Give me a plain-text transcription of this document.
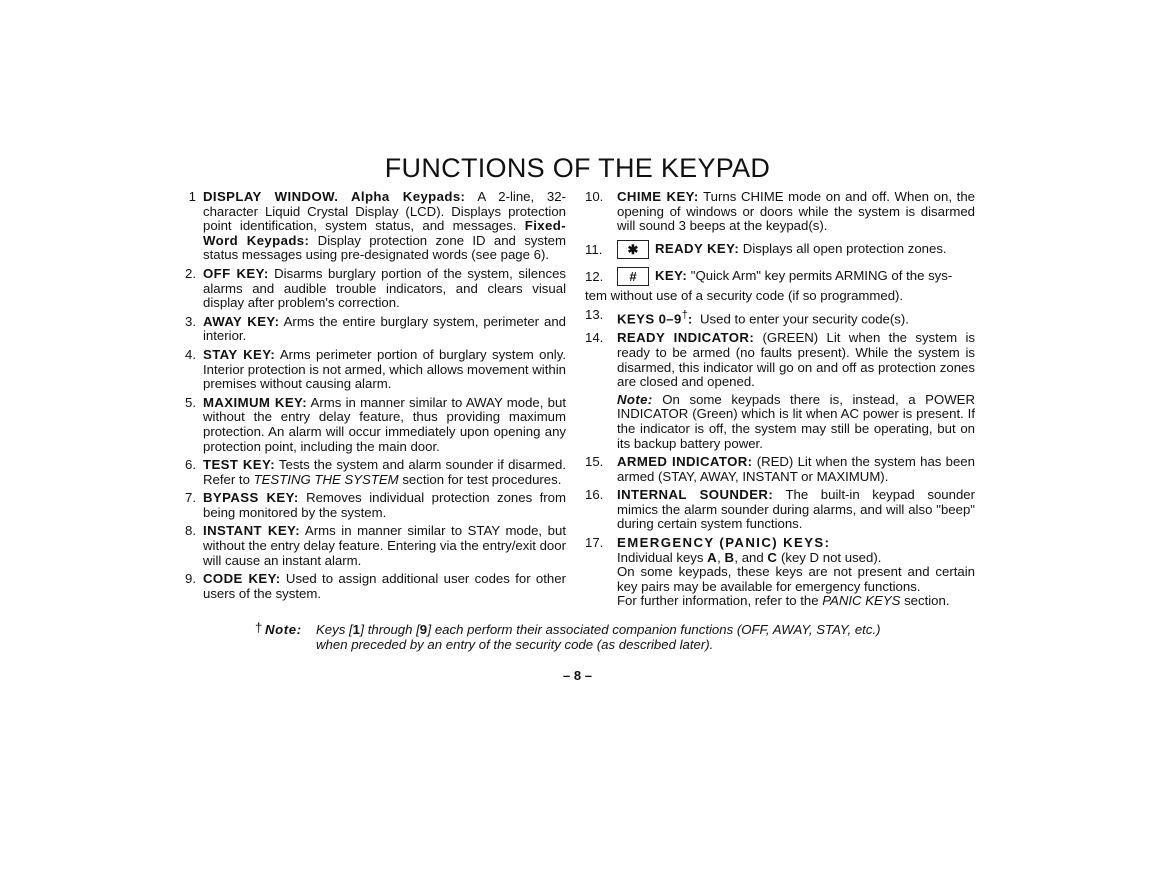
FUNCTIONS OF THE KEYPAD
1 DISPLAY WINDOW. Alpha Keypads: A 2-line, 32-character Liquid Crystal Display (LCD). Displays protection point identification, system status, and messages. Fixed-Word Keypads: Display protection zone ID and system status messages using pre-designated words (see page 6).
2. OFF KEY: Disarms burglary portion of the system, silences alarms and audible trouble indicators, and clears visual display after problem's correction.
3. AWAY KEY: Arms the entire burglary system, perimeter and interior.
4. STAY KEY: Arms perimeter portion of burglary system only. Interior protection is not armed, which allows movement within premises without causing alarm.
5. MAXIMUM KEY: Arms in manner similar to AWAY mode, but without the entry delay feature, thus providing maximum protection. An alarm will occur immediately upon opening any protection point, including the main door.
6. TEST KEY: Tests the system and alarm sounder if disarmed. Refer to TESTING THE SYSTEM section for test procedures.
7. BYPASS KEY: Removes individual protection zones from being monitored by the system.
8. INSTANT KEY: Arms in manner similar to STAY mode, but without the entry delay feature. Entering via the entry/exit door will cause an instant alarm.
9. CODE KEY: Used to assign additional user codes for other users of the system.
10.	CHIME KEY: Turns CHIME mode on and off. When on, the opening of windows or doors while the system is disarmed will sound 3 beeps at the keypad(s).
11.	✱	READY KEY: Displays all open protection zones.
12.	#	KEY: "Quick Arm" key permits ARMING of the sys-
tem without use of a security code (if so programmed).
13.	KEYS 0–9†:  Used to enter your security code(s).
14.	READY INDICATOR: (GREEN) Lit when the system is ready to be armed (no faults present). While the system is disarmed, this indicator will go on and off as protection zones are closed and opened.
Note: On some keypads there is, instead, a POWER INDICATOR (Green) which is lit when AC power is present. If the indicator is off, the system may still be operating, but on its backup battery power.
15.	ARMED INDICATOR: (RED) Lit when the system has been armed (STAY, AWAY, INSTANT or MAXIMUM).
16.	INTERNAL SOUNDER: The built-in keypad sounder mimics the alarm sounder during alarms, and will also "beep" during certain system functions.
17.	EMERGENCY (PANIC) KEYS:
Individual keys A, B, and C (key D not used).
On some keypads, these keys are not present and certain key pairs may be available for emergency functions.
For further information, refer to the PANIC KEYS section.
† Note: Keys [1] through [9] each perform their associated companion functions (OFF, AWAY, STAY, etc.)
when preceded by an entry of the security code (as described later).
– 8 –
